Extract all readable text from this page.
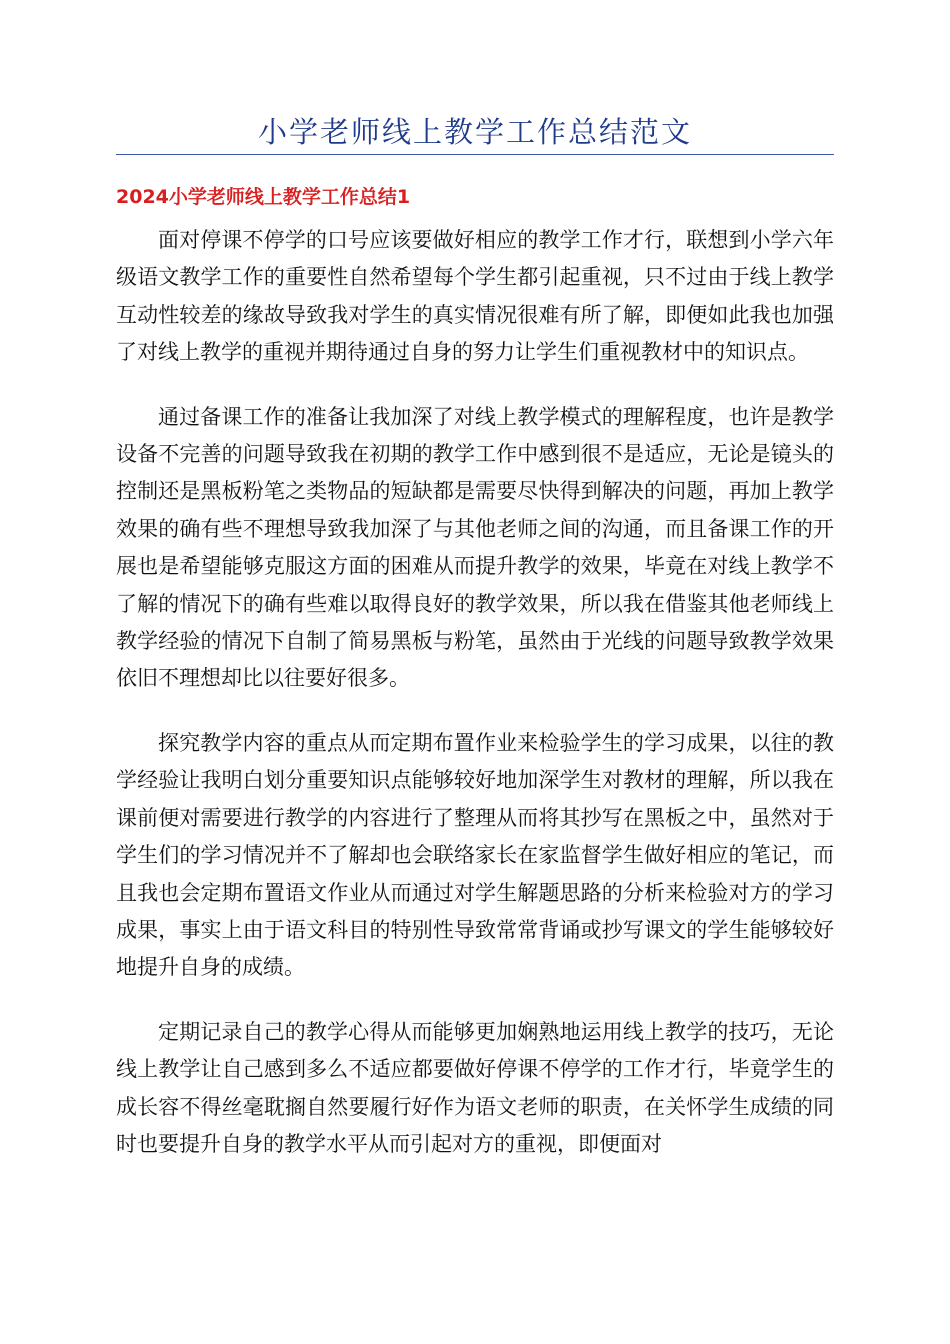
小学老师线上教学工作总结范文
2024小学老师线上教学工作总结1

面对停课不停学的口号应该要做好相应的教学工作才行，联想到小学六年级语文教学工作的重要性自然希望每个学生都引起重视，只不过由于线上教学互动性较差的缘故导致我对学生的真实情况很难有所了解，即便如此我也加强了对线上教学的重视并期待通过自身的努力让学生们重视教材中的知识点。

通过备课工作的准备让我加深了对线上教学模式的理解程度，也许是教学设备不完善的问题导致我在初期的教学工作中感到很不是适应，无论是镜头的控制还是黑板粉笔之类物品的短缺都是需要尽快得到解决的问题，再加上教学效果的确有些不理想导致我加深了与其他老师之间的沟通，而且备课工作的开展也是希望能够克服这方面的困难从而提升教学的效果，毕竟在对线上教学不了解的情况下的确有些难以取得良好的教学效果，所以我在借鉴其他老师线上教学经验的情况下自制了简易黑板与粉笔，虽然由于光线的问题导致教学效果依旧不理想却比以往要好很多。

探究教学内容的重点从而定期布置作业来检验学生的学习成果，以往的教学经验让我明白划分重要知识点能够较好地加深学生对教材的理解，所以我在课前便对需要进行教学的内容进行了整理从而将其抄写在黑板之中，虽然对于学生们的学习情况并不了解却也会联络家长在家监督学生做好相应的笔记，而且我也会定期布置语文作业从而通过对学生解题思路的分析来检验对方的学习成果，事实上由于语文科目的特别性导致常常背诵或抄写课文的学生能够较好地提升自身的成绩。

定期记录自己的教学心得从而能够更加娴熟地运用线上教学的技巧，无论线上教学让自己感到多么不适应都要做好停课不停学的工作才行，毕竟学生的成长容不得丝毫耽搁自然要履行好作为语文老师的职责，在关怀学生成绩的同时也要提升自身的教学水平从而引起对方的重视，即便面对
